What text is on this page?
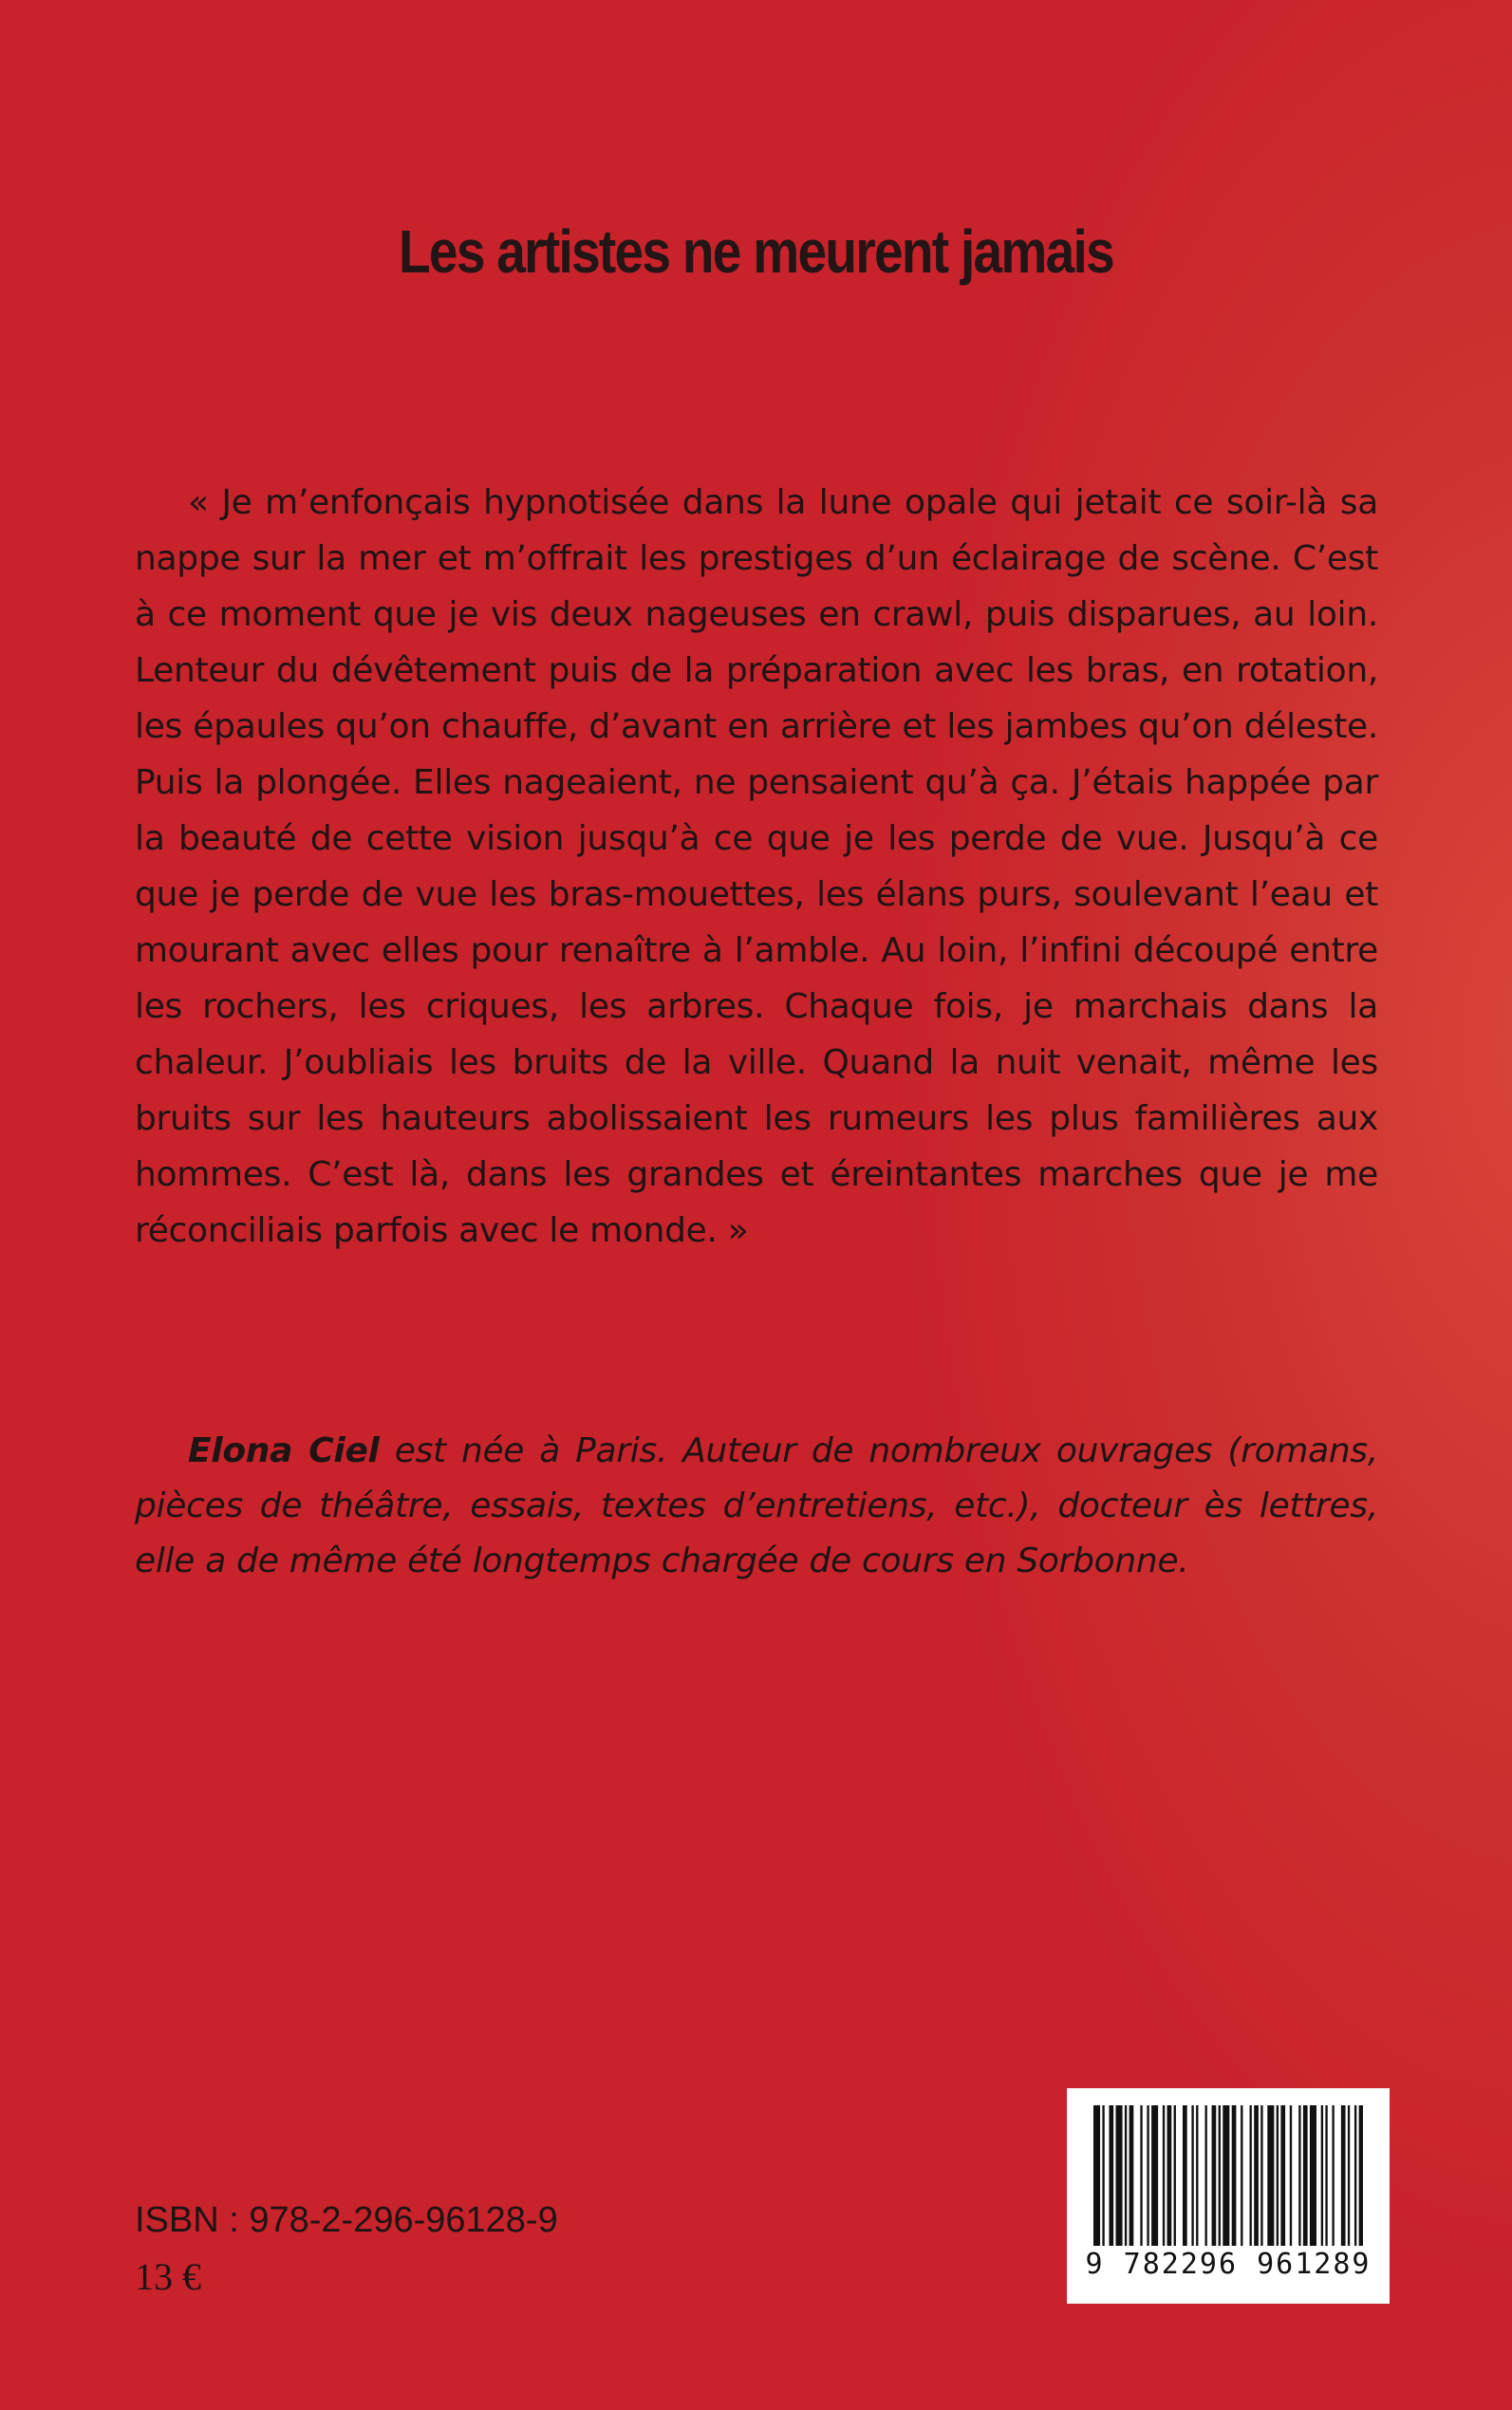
Les artistes ne meurent jamais

« Je m’enfonçais hypnotisée dans la lune opale qui jetait ce soir-là sa nappe sur la mer et m’offrait les prestiges d’un éclairage de scène. C’est à ce moment que je vis deux nageuses en crawl, puis disparues, au loin. Lenteur du dévêtement puis de la préparation avec les bras, en rotation, les épaules qu’on chauffe, d’avant en arrière et les jambes qu’on déleste. Puis la plongée. Elles nageaient, ne pensaient qu’à ça. J’étais happée par la beauté de cette vision jusqu’à ce que je les perde de vue. Jusqu’à ce que je perde de vue les bras-mouettes, les élans purs, soulevant l’eau et mourant avec elles pour renaître à l’amble. Au loin, l’infini découpé entre les rochers, les criques, les arbres. Chaque fois, je marchais dans la chaleur. J’oubliais les bruits de la ville. Quand la nuit venait, même les bruits sur les hauteurs abolissaient les rumeurs les plus familières aux hommes. C’est là, dans les grandes et éreintantes marches que je me réconciliais parfois avec le monde. »

Elona Ciel est née à Paris. Auteur de nombreux ouvrages (romans, pièces de théâtre, essais, textes d’entretiens, etc.), docteur ès lettres, elle a de même été longtemps chargée de cours en Sorbonne.

ISBN : 978-2-296-96128-9
13 €	9 782296 961289
